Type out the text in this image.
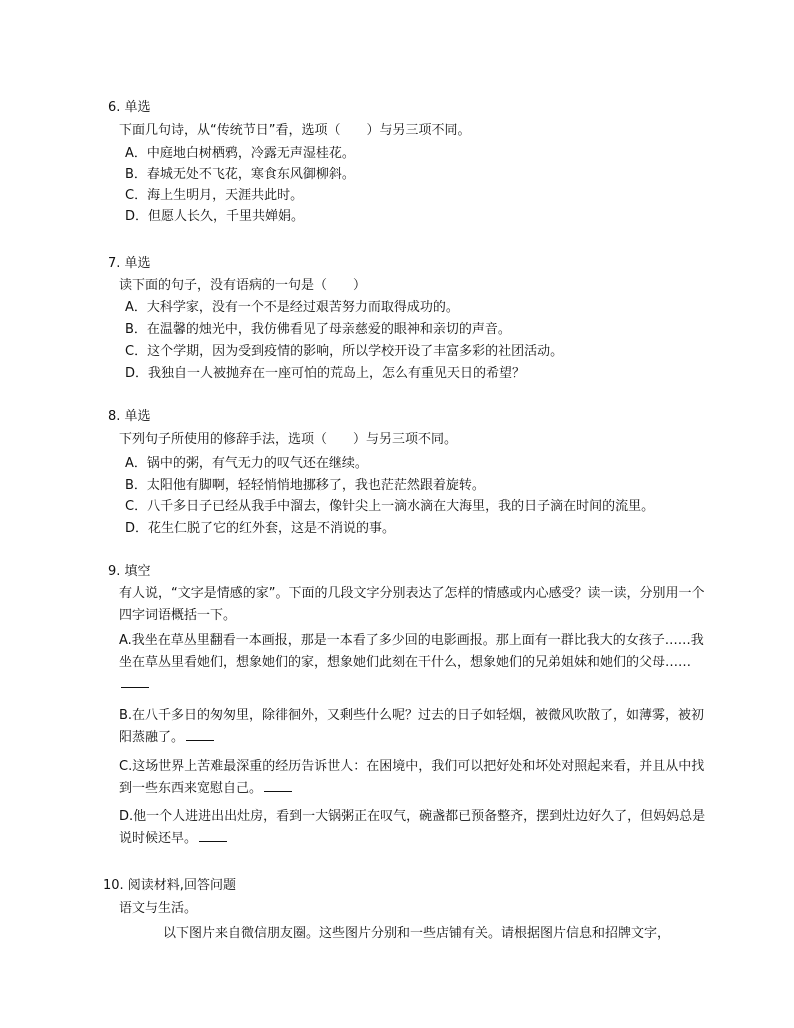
6. 单选
下面几句诗，从“传统节日”看，选项（　　）与另三项不同。
A．中庭地白树栖鸦，冷露无声湿桂花。
B．春城无处不飞花，寒食东风御柳斜。
C．海上生明月，天涯共此时。
D．但愿人长久，千里共婵娟。
7. 单选
读下面的句子，没有语病的一句是（　　）
A．大科学家，没有一个不是经过艰苦努力而取得成功的。
B．在温馨的烛光中，我仿佛看见了母亲慈爱的眼神和亲切的声音。
C．这个学期，因为受到疫情的影响，所以学校开设了丰富多彩的社团活动。
D．我独自一人被抛弃在一座可怕的荒岛上，怎么有重见天日的希望？
8. 单选
下列句子所使用的修辞手法，选项（　　）与另三项不同。
A．锅中的粥，有气无力的叹气还在继续。
B．太阳他有脚啊，轻轻悄悄地挪移了，我也茫茫然跟着旋转。
C．八千多日子已经从我手中溜去，像针尖上一滴水滴在大海里，我的日子滴在时间的流里。
D．花生仁脱了它的红外套，这是不消说的事。
9. 填空
有人说，“文字是情感的家”。下面的几段文字分别表达了怎样的情感或内心感受？读一读，分别用一个四字词语概括一下。
A.我坐在草丛里翻看一本画报，那是一本看了多少回的电影画报。那上面有一群比我大的女孩子……我坐在草丛里看她们，想象她们的家，想象她们此刻在干什么，想象她们的兄弟姐妹和她们的父母……
B.在八千多日的匆匆里，除徘徊外，又剩些什么呢？过去的日子如轻烟，被微风吹散了，如薄雾，被初阳蒸融了。
C.这场世界上苦难最深重的经历告诉世人：在困境中，我们可以把好处和坏处对照起来看，并且从中找到一些东西来宽慰自己。
D.他一个人进进出出灶房，看到一大锅粥正在叹气，碗盏都已预备整齐，摆到灶边好久了，但妈妈总是说时候还早。
10. 阅读材料,回答问题
语文与生活。
以下图片来自微信朋友圈。这些图片分别和一些店铺有关。请根据图片信息和招牌文字，
